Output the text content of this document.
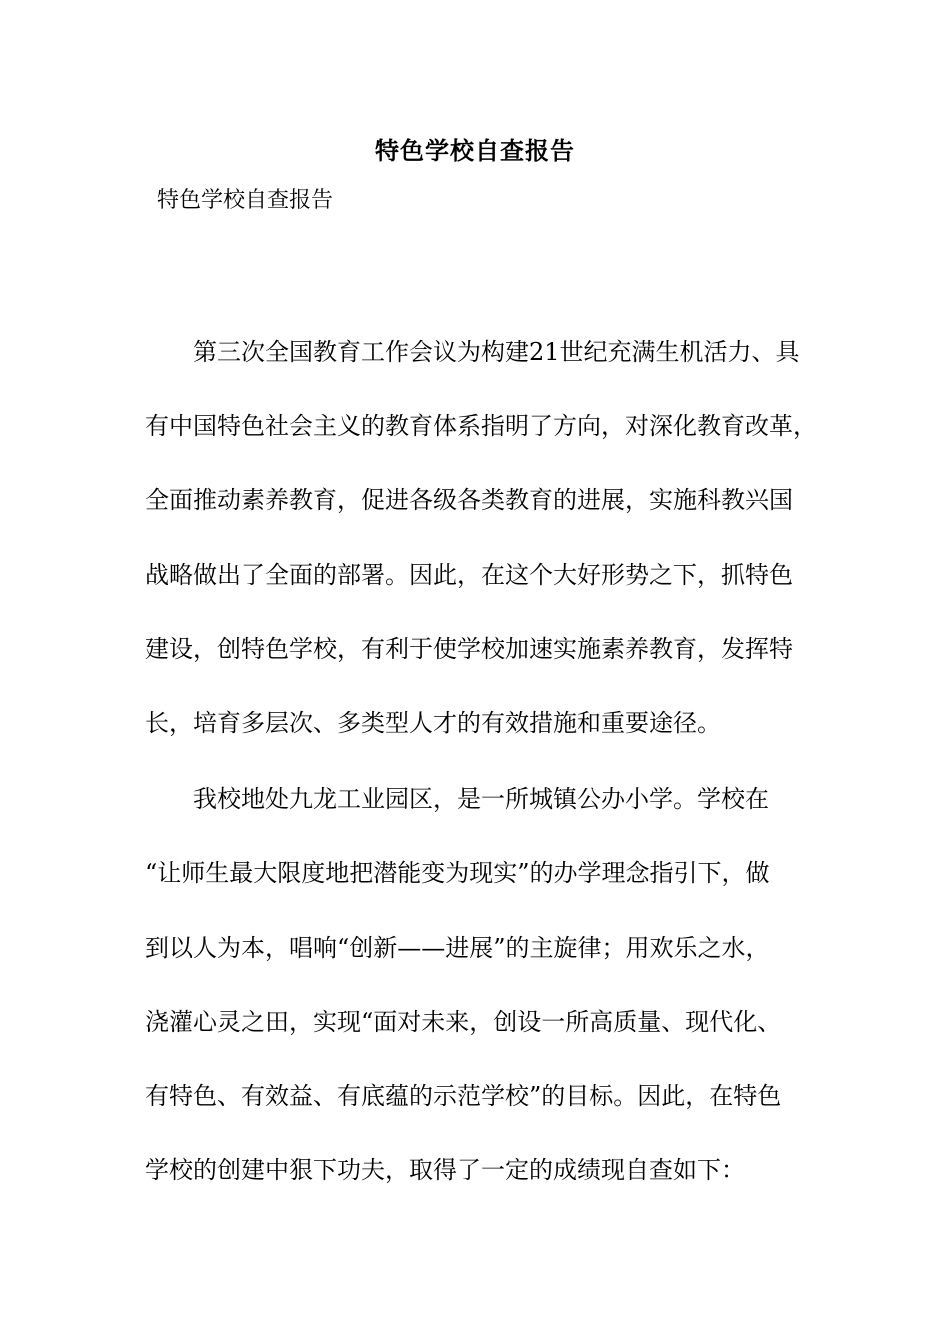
特色学校自查报告
特色学校自查报告
第三次全国教育工作会议为构建21世纪充满生机活力、具
有中国特色社会主义的教育体系指明了方向，对深化教育改革，
全面推动素养教育，促进各级各类教育的进展，实施科教兴国
战略做出了全面的部署。因此，在这个大好形势之下，抓特色
建设，创特色学校，有利于使学校加速实施素养教育，发挥特
长，培育多层次、多类型人才的有效措施和重要途径。
我校地处九龙工业园区，是一所城镇公办小学。学校在
“让师生最大限度地把潜能变为现实”的办学理念指引下，做
到以人为本，唱响“创新——进展”的主旋律；用欢乐之水，
浇灌心灵之田，实现“面对未来，创设一所高质量、现代化、
有特色、有效益、有底蕴的示范学校”的目标。因此，在特色
学校的创建中狠下功夫，取得了一定的成绩现自查如下：
